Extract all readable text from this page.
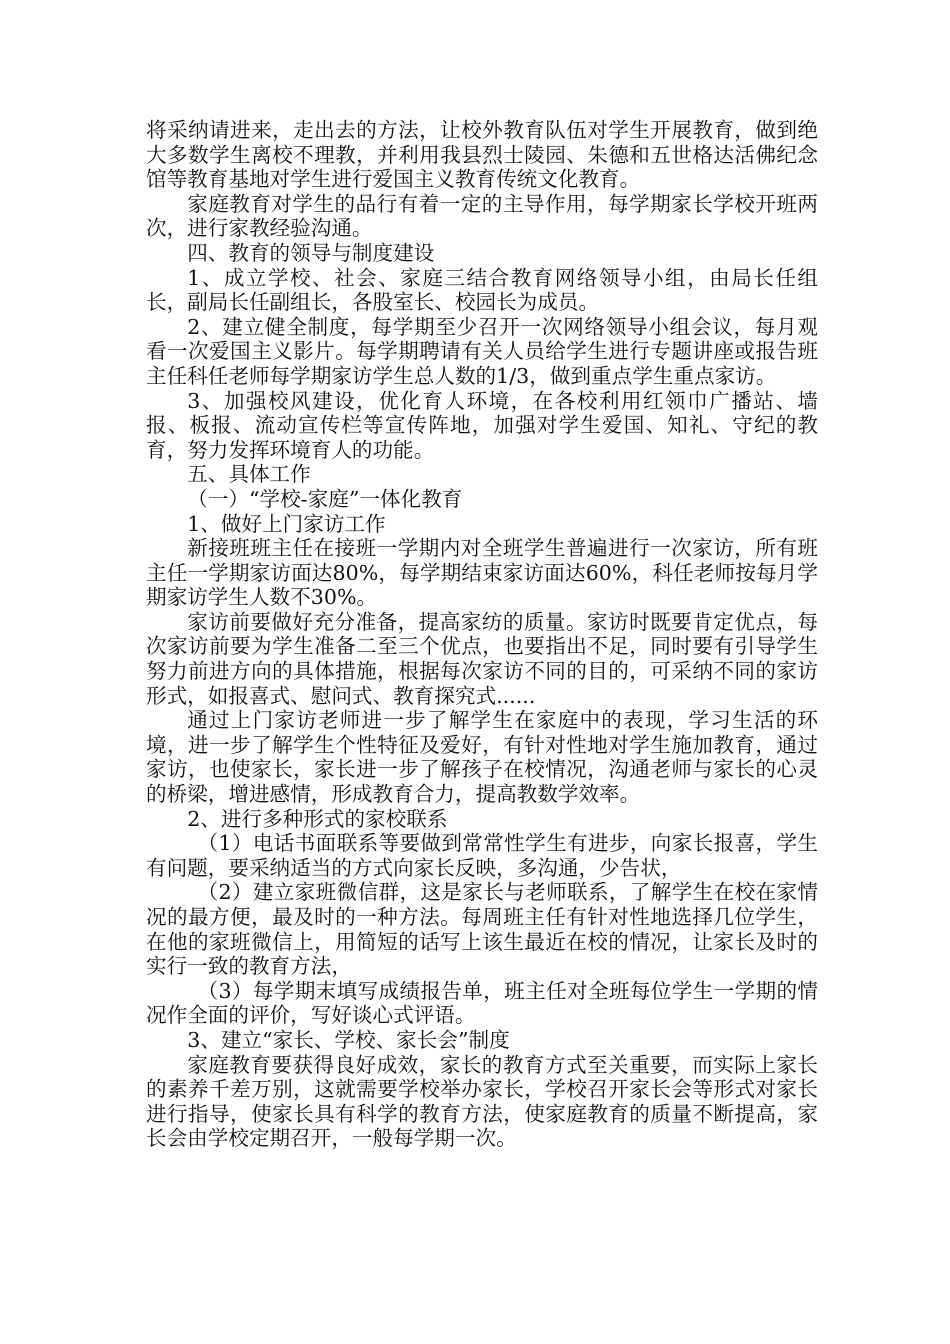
将采纳请进来，走出去的方法，让校外教育队伍对学生开展教育，做到绝大多数学生离校不理教，并利用我县烈士陵园、朱德和五世格达活佛纪念馆等教育基地对学生进行爱国主义教育传统文化教育。

家庭教育对学生的品行有着一定的主导作用，每学期家长学校开班两次，进行家教经验沟通。

四、教育的领导与制度建设

1、成立学校、社会、家庭三结合教育网络领导小组，由局长任组长，副局长任副组长，各股室长、校园长为成员。

2、建立健全制度，每学期至少召开一次网络领导小组会议，每月观看一次爱国主义影片。每学期聘请有关人员给学生进行专题讲座或报告班主任科任老师每学期家访学生总人数的1/3，做到重点学生重点家访。

3、加强校风建设，优化育人环境，在各校利用红领巾广播站、墙报、板报、流动宣传栏等宣传阵地，加强对学生爱国、知礼、守纪的教育，努力发挥环境育人的功能。

五、具体工作

（一）“学校-家庭”一体化教育

1、做好上门家访工作

新接班班主任在接班一学期内对全班学生普遍进行一次家访，所有班主任一学期家访面达80%，每学期结束家访面达60%，科任老师按每月学期家访学生人数不30%。

家访前要做好充分准备，提高家纺的质量。家访时既要肯定优点，每次家访前要为学生准备二至三个优点，也要指出不足，同时要有引导学生努力前进方向的具体措施，根据每次家访不同的目的，可采纳不同的家访形式，如报喜式、慰问式、教育探究式......

通过上门家访老师进一步了解学生在家庭中的表现，学习生活的环境，进一步了解学生个性特征及爱好，有针对性地对学生施加教育，通过家访，也使家长，家长进一步了解孩子在校情况，沟通老师与家长的心灵的桥梁，增进感情，形成教育合力，提高教数学效率。

2、进行多种形式的家校联系

（1）电话书面联系等要做到常常性学生有进步，向家长报喜，学生有问题，要采纳适当的方式向家长反映，多沟通，少告状，

（2）建立家班微信群，这是家长与老师联系，了解学生在校在家情况的最方便，最及时的一种方法。每周班主任有针对性地选择几位学生，在他的家班微信上，用简短的话写上该生最近在校的情况，让家长及时的实行一致的教育方法，

（3）每学期末填写成绩报告单，班主任对全班每位学生一学期的情况作全面的评价，写好谈心式评语。

3、建立“家长、学校、家长会”制度

家庭教育要获得良好成效，家长的教育方式至关重要，而实际上家长的素养千差万别，这就需要学校举办家长，学校召开家长会等形式对家长进行指导，使家长具有科学的教育方法，使家庭教育的质量不断提高，家长会由学校定期召开，一般每学期一次。
